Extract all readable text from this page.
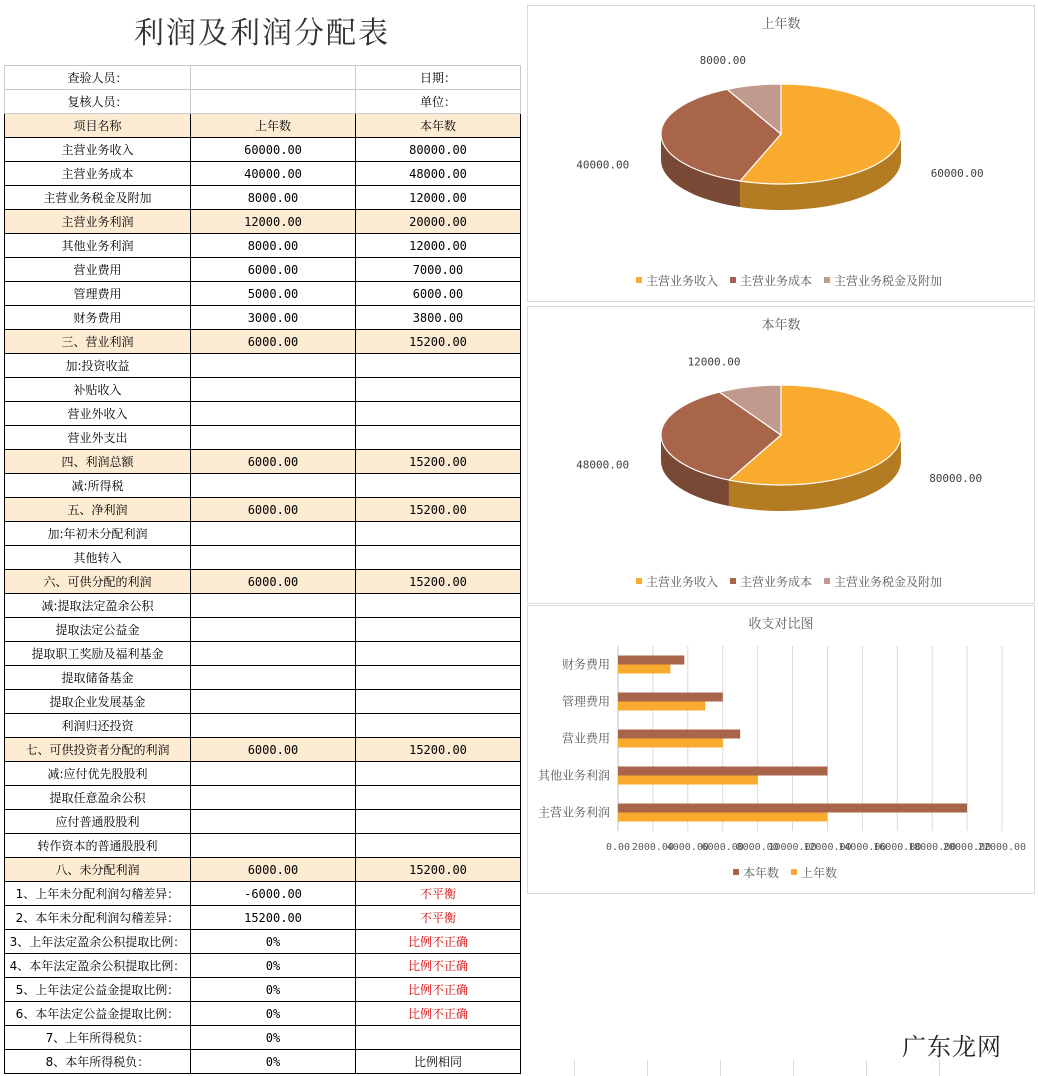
利润及利润分配表
查验人员：		日期：
复核人员：		单位：
项目名称	上年数	本年数
主营业务收入	60000.00	80000.00
主营业务成本	40000.00	48000.00
主营业务税金及附加	8000.00	12000.00
主营业务利润	12000.00	20000.00
其他业务利润	8000.00	12000.00
营业费用	6000.00	7000.00
管理费用	5000.00	6000.00
财务费用	3000.00	3800.00
三、营业利润	6000.00	15200.00
加:投资收益		
补贴收入		
营业外收入		
营业外支出		
四、利润总额	6000.00	15200.00
减:所得税		
五、净利润	6000.00	15200.00
加:年初未分配利润		
其他转入		
六、可供分配的利润	6000.00	15200.00
减:提取法定盈余公积		
提取法定公益金		
提取职工奖励及福利基金		
提取储备基金		
提取企业发展基金		
利润归还投资		
七、可供投资者分配的利润	6000.00	15200.00
减:应付优先股股利		
提取任意盈余公积		
应付普通股股利		
转作资本的普通股股利		
八、未分配利润	6000.00	15200.00
1、上年未分配利润勾稽差异：	-6000.00	不平衡
2、本年未分配利润勾稽差异：	15200.00	不平衡
3、上年法定盈余公积提取比例：	0%	比例不正确
4、本年法定盈余公积提取比例：	0%	比例不正确
5、上年法定公益金提取比例：	0%	比例不正确
6、本年法定公益金提取比例：	0%	比例不正确
7、上年所得税负：	0%	
8、本年所得税负：	0%	比例相同
上年数
60000.00
40000.00
8000.00
主营业务收入 主营业务成本 主营业务税金及附加
本年数
80000.00
48000.00
12000.00
主营业务收入 主营业务成本 主营业务税金及附加
收支对比图
0.00 2000.00
4000.00
6000.00
8000.00
10000.00
12000.00
14000.00
16000.00
18000.00
20000.00
22000.00
主营业务利润
其他业务利润
营业费用
管理费用
财务费用
本年数 上年数
广东龙网
